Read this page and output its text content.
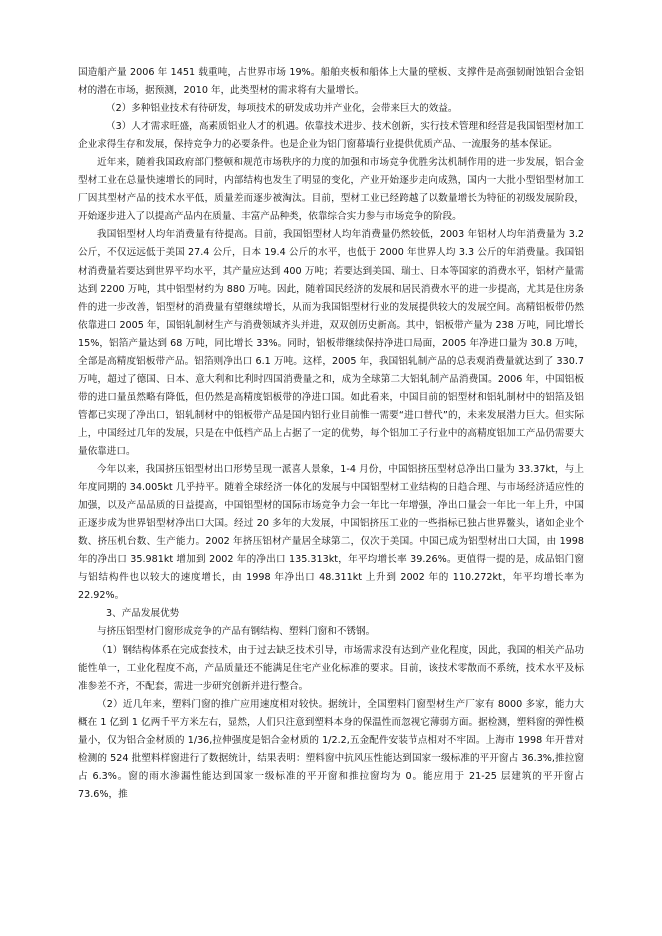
国造船产量 2006 年 1451 载重吨，占世界市场 19%。船舶夹板和船体上大量的壁板、支撑件是高强韧耐蚀铝合金铝材的潜在市场，据预测，2010 年，此类型材的需求将有大量增长。

（2）多种铝业技术有待研发，每项技术的研发成功并产业化，会带来巨大的效益。

（3）人才需求旺盛，高素质铝业人才的机遇。依靠技术进步、技术创新，实行技术管理和经营是我国铝型材加工企业求得生存和发展，保持竞争力的必要条件。也是企业为铝门窗幕墙行业提供优质产品、一流服务的基本保证。

近年来，随着我国政府部门整顿和规范市场秩序的力度的加强和市场竞争优胜劣汰机制作用的进一步发展，铝合金型材工业在总量快速增长的同时，内部结构也发生了明显的变化，产业开始逐步走向成熟，国内一大批小型铝型材加工厂因其型材产品的技术水平低，质量差而逐步被淘汰。目前，型材工业已经跨越了以数量增长为特征的初级发展阶段，开始逐步进入了以提高产品内在质量、丰富产品种类，依靠综合实力参与市场竞争的阶段。

我国铝型材人均年消费量有待提高。目前，我国铝型材人均年消费量仍然较低，2003 年铝材人均年消费量为 3.2 公斤，不仅远远低于美国 27.4 公斤，日本 19.4 公斤的水平，也低于 2000 年世界人均 3.3 公斤的年消费量。我国铝材消费量若要达到世界平均水平，其产量应达到 400 万吨；若要达到美国、瑞士、日本等国家的消费水平，铝材产量需达到 2200 万吨，其中铝型材约为 880 万吨。因此，随着国民经济的发展和居民消费水平的进一步提高，尤其是住房条件的进一步改善，铝型材的消费量有望继续增长，从而为我国铝型材行业的发展提供较大的发展空间。高精铝板带仍然依靠进口 2005 年，国铝轧制材生产与消费领域齐头并进，双双创历史新高。其中，铝板带产量为 238 万吨，同比增长 15%，铝箔产量达到 68 万吨，同比增长 33%。同时，铝板带继续保持净进口局面，2005 年净进口量为 30.8 万吨，全部是高精度铝板带产品。铝箔则净出口 6.1 万吨。这样，2005 年，我国铝轧制产品的总表观消费量就达到了 330.7 万吨，超过了德国、日本、意大利和比利时四国消费量之和，成为全球第二大铝轧制产品消费国。2006 年，中国铝板带的进口量虽然略有降低，但仍然是高精度铝板带的净进口国。如此看来，中国目前的铝型材和铝轧制材中的铝箔及铝管都已实现了净出口，铝轧制材中的铝板带产品是国内铝行业目前惟一需要“进口替代”的，未来发展潜力巨大。但实际上，中国经过几年的发展，只是在中低档产品上占据了一定的优势，每个铝加工子行业中的高精度铝加工产品仍需要大量依靠进口。

今年以来，我国挤压铝型材出口形势呈现一派喜人景象，1-4 月份，中国铝挤压型材总净出口量为 33.37kt，与上年度同期的 34.005kt 几乎持平。随着全球经济一体化的发展与中国铝型材工业结构的日趋合理、与市场经济适应性的加强，以及产品品质的日益提高，中国铝型材的国际市场竞争力会一年比一年增强，净出口量会一年比一年上升，中国正逐步成为世界铝型材净出口大国。经过 20 多年的大发展，中国铝挤压工业的一些指标已独占世界鳌头，诸如企业个数、挤压机台数、生产能力。2002 年挤压铝材产量居全球第二，仅次于美国。中国已成为铝型材出口大国，由 1998 年的净出口 35.981kt 增加到 2002 年的净出口 135.313kt，年平均增长率 39.26%。更值得一提的是，成品铝门窗与铝结构件也以较大的速度增长，由 1998 年净出口 48.311kt 上升到 2002 年的 110.272kt，年平均增长率为 22.92%。

3、产品发展优势

与挤压铝型材门窗形成竞争的产品有钢结构、塑料门窗和不锈钢。

（1）钢结构体系在完成套技术，由于过去缺乏技术引导，市场需求没有达到产业化程度，因此，我国的相关产品功能性单一，工业化程度不高，产品质量还不能满足住宅产业化标准的要求。目前，该技术零散而不系统，技术水平及标准参差不齐，不配套，需进一步研究创新并进行整合。

（2）近几年来，塑料门窗的推广应用速度相对较快。据统计，全国塑料门窗型材生产厂家有 8000 多家，能力大概在 1 亿到 1 亿两千平方米左右，显然，人们只注意到塑料本身的保温性而忽视它薄弱方面。据检测，塑料窗的弹性模量小，仅为铝合金材质的 1/36,拉伸强度是铝合金材质的 1/2.2,五金配件安装节点相对不牢固。上海市 1998 年开普对检测的 524 批塑料样窗进行了数据统计，结果表明：塑料窗中抗风压性能达到国家一级标准的平开窗占 36.3%,推拉窗占 6.3%。窗的雨水渗漏性能达到国家一级标准的平开窗和推拉窗均为 0。能应用于 21-25 层建筑的平开窗占 73.6%，推
